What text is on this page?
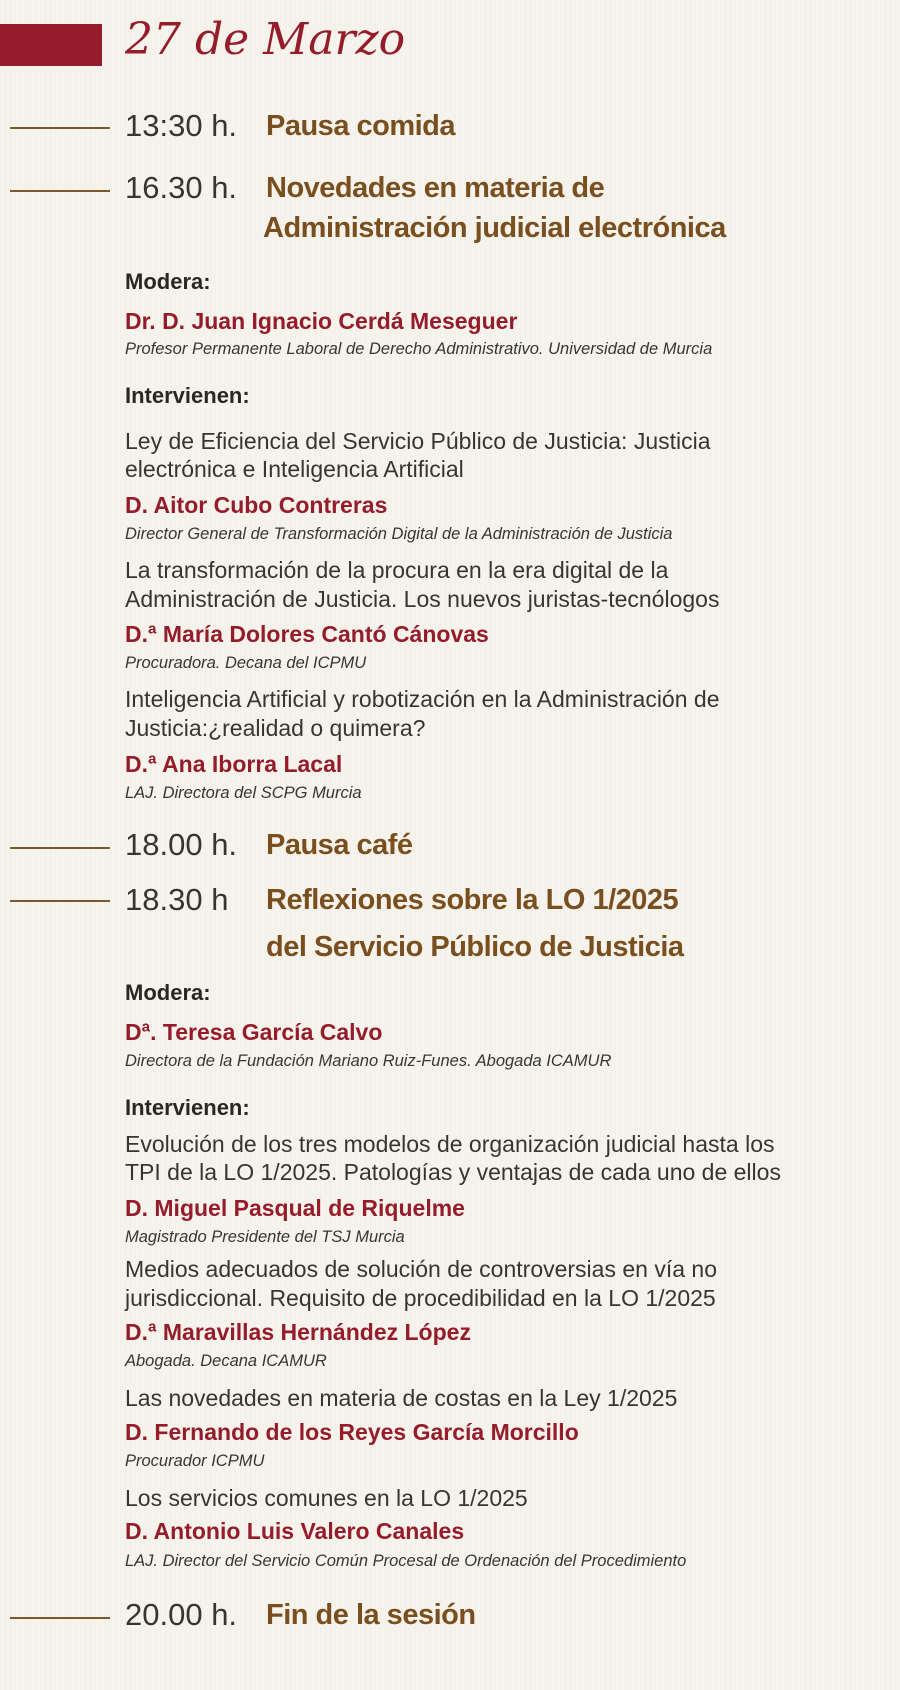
27 de Marzo
13:30 h. Pausa comida
16.30 h. Novedades en materia de
Administración judicial electrónica
Modera:
Dr. D. Juan Ignacio Cerdá Meseguer
Profesor Permanente Laboral de Derecho Administrativo. Universidad de Murcia
Intervienen:
Ley de Eficiencia del Servicio Público de Justicia: Justicia
electrónica e Inteligencia Artificial
D. Aitor Cubo Contreras
Director General de Transformación Digital de la Administración de Justicia
La transformación de la procura en la era digital de la
Administración de Justicia. Los nuevos juristas-tecnólogos
D.ª María Dolores Cantó Cánovas
Procuradora. Decana del ICPMU
Inteligencia Artificial y robotización en la Administración de
Justicia:¿realidad o quimera?
D.ª Ana Iborra Lacal
LAJ. Directora del SCPG Murcia
18.00 h. Pausa café
18.30 h Reflexiones sobre la LO 1/2025
del Servicio Público de Justicia
Modera:
Dª. Teresa García Calvo
Directora de la Fundación Mariano Ruiz-Funes. Abogada ICAMUR
Intervienen:
Evolución de los tres modelos de organización judicial hasta los
TPI de la LO 1/2025. Patologías y ventajas de cada uno de ellos
D. Miguel Pasqual de Riquelme
Magistrado Presidente del TSJ Murcia
Medios adecuados de solución de controversias en vía no
jurisdiccional. Requisito de procedibilidad en la LO 1/2025
D.ª Maravillas Hernández López
Abogada. Decana ICAMUR
Las novedades en materia de costas en la Ley 1/2025
D. Fernando de los Reyes García Morcillo
Procurador ICPMU
Los servicios comunes en la LO 1/2025
D. Antonio Luis Valero Canales
LAJ. Director del Servicio Común Procesal de Ordenación del Procedimiento
20.00 h. Fin de la sesión
